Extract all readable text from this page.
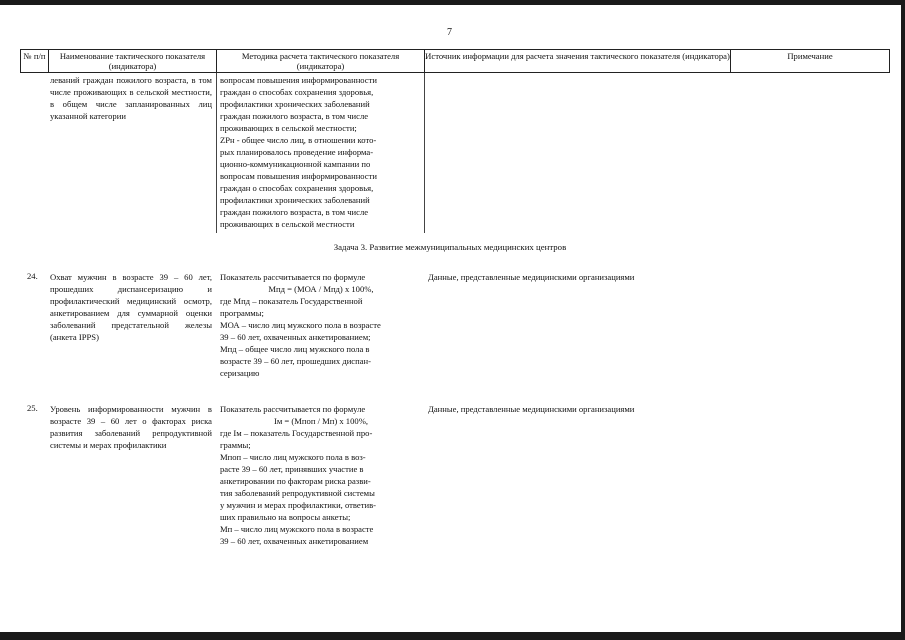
7
№ п/п	Наименование тактического показателя (индикатора)
Методика расчета тактического показателя (индикатора)
Источник информации для расчета значения тактического показателя (индикатора)	Примечание
леваний граждан пожилого возраста, в том числе проживающих в сельской местности, в общем числе запланированных лиц указанной категории
вопросам повышения информированности
граждан о способах сохранения здоровья,
профилактики хронических заболеваний
граждан пожилого возраста, в том числе
проживающих в сельской местности;
ZPн - общее число лиц, в отношении кото-
рых планировалось проведение информа-
ционно-коммуникационной кампании по
вопросам повышения информированности
граждан о способах сохранения здоровья,
профилактики хронических заболеваний
граждан пожилого возраста, в том числе
проживающих в сельской местности
Задача 3. Развитие межмуниципальных медицинских центров
24. Охват мужчин в возрасте 39 – 60 лет, прошедших диспансеризацию и профилактический медицинский осмотр, анкетированием для суммарной оценки заболеваний предстательной железы (анкета IPPS)
Показатель рассчитывается по формуле
Мпд = (МОА / Мпд) x 100%,
где Мпд – показатель Государственной
программы;
МОА – число лиц мужского пола в возрасте
39 – 60 лет, охваченных анкетированием;
Мпд – общее число лиц мужского пола в
возрасте 39 – 60 лет, прошедших диспан-
серизацию
Данные, представленные медицинскими организациями
25. Уровень информированности мужчин в возрасте 39 – 60 лет о факторах риска развития заболеваний репродуктивной системы и мерах профилактики
Показатель рассчитывается по формуле
Iм = (Мпоп / Мп) x 100%,
где Iм – показатель Государственной про-
граммы;
Мпоп – число лиц мужского пола в воз-
расте 39 – 60 лет, принявших участие в
анкетировании по факторам риска разви-
тия заболеваний репродуктивной системы
у мужчин и мерах профилактики, ответив-
ших правильно на вопросы анкеты;
Мп – число лиц мужского пола в возрасте
39 – 60 лет, охваченных анкетированием
Данные, представленные медицинскими организациями
